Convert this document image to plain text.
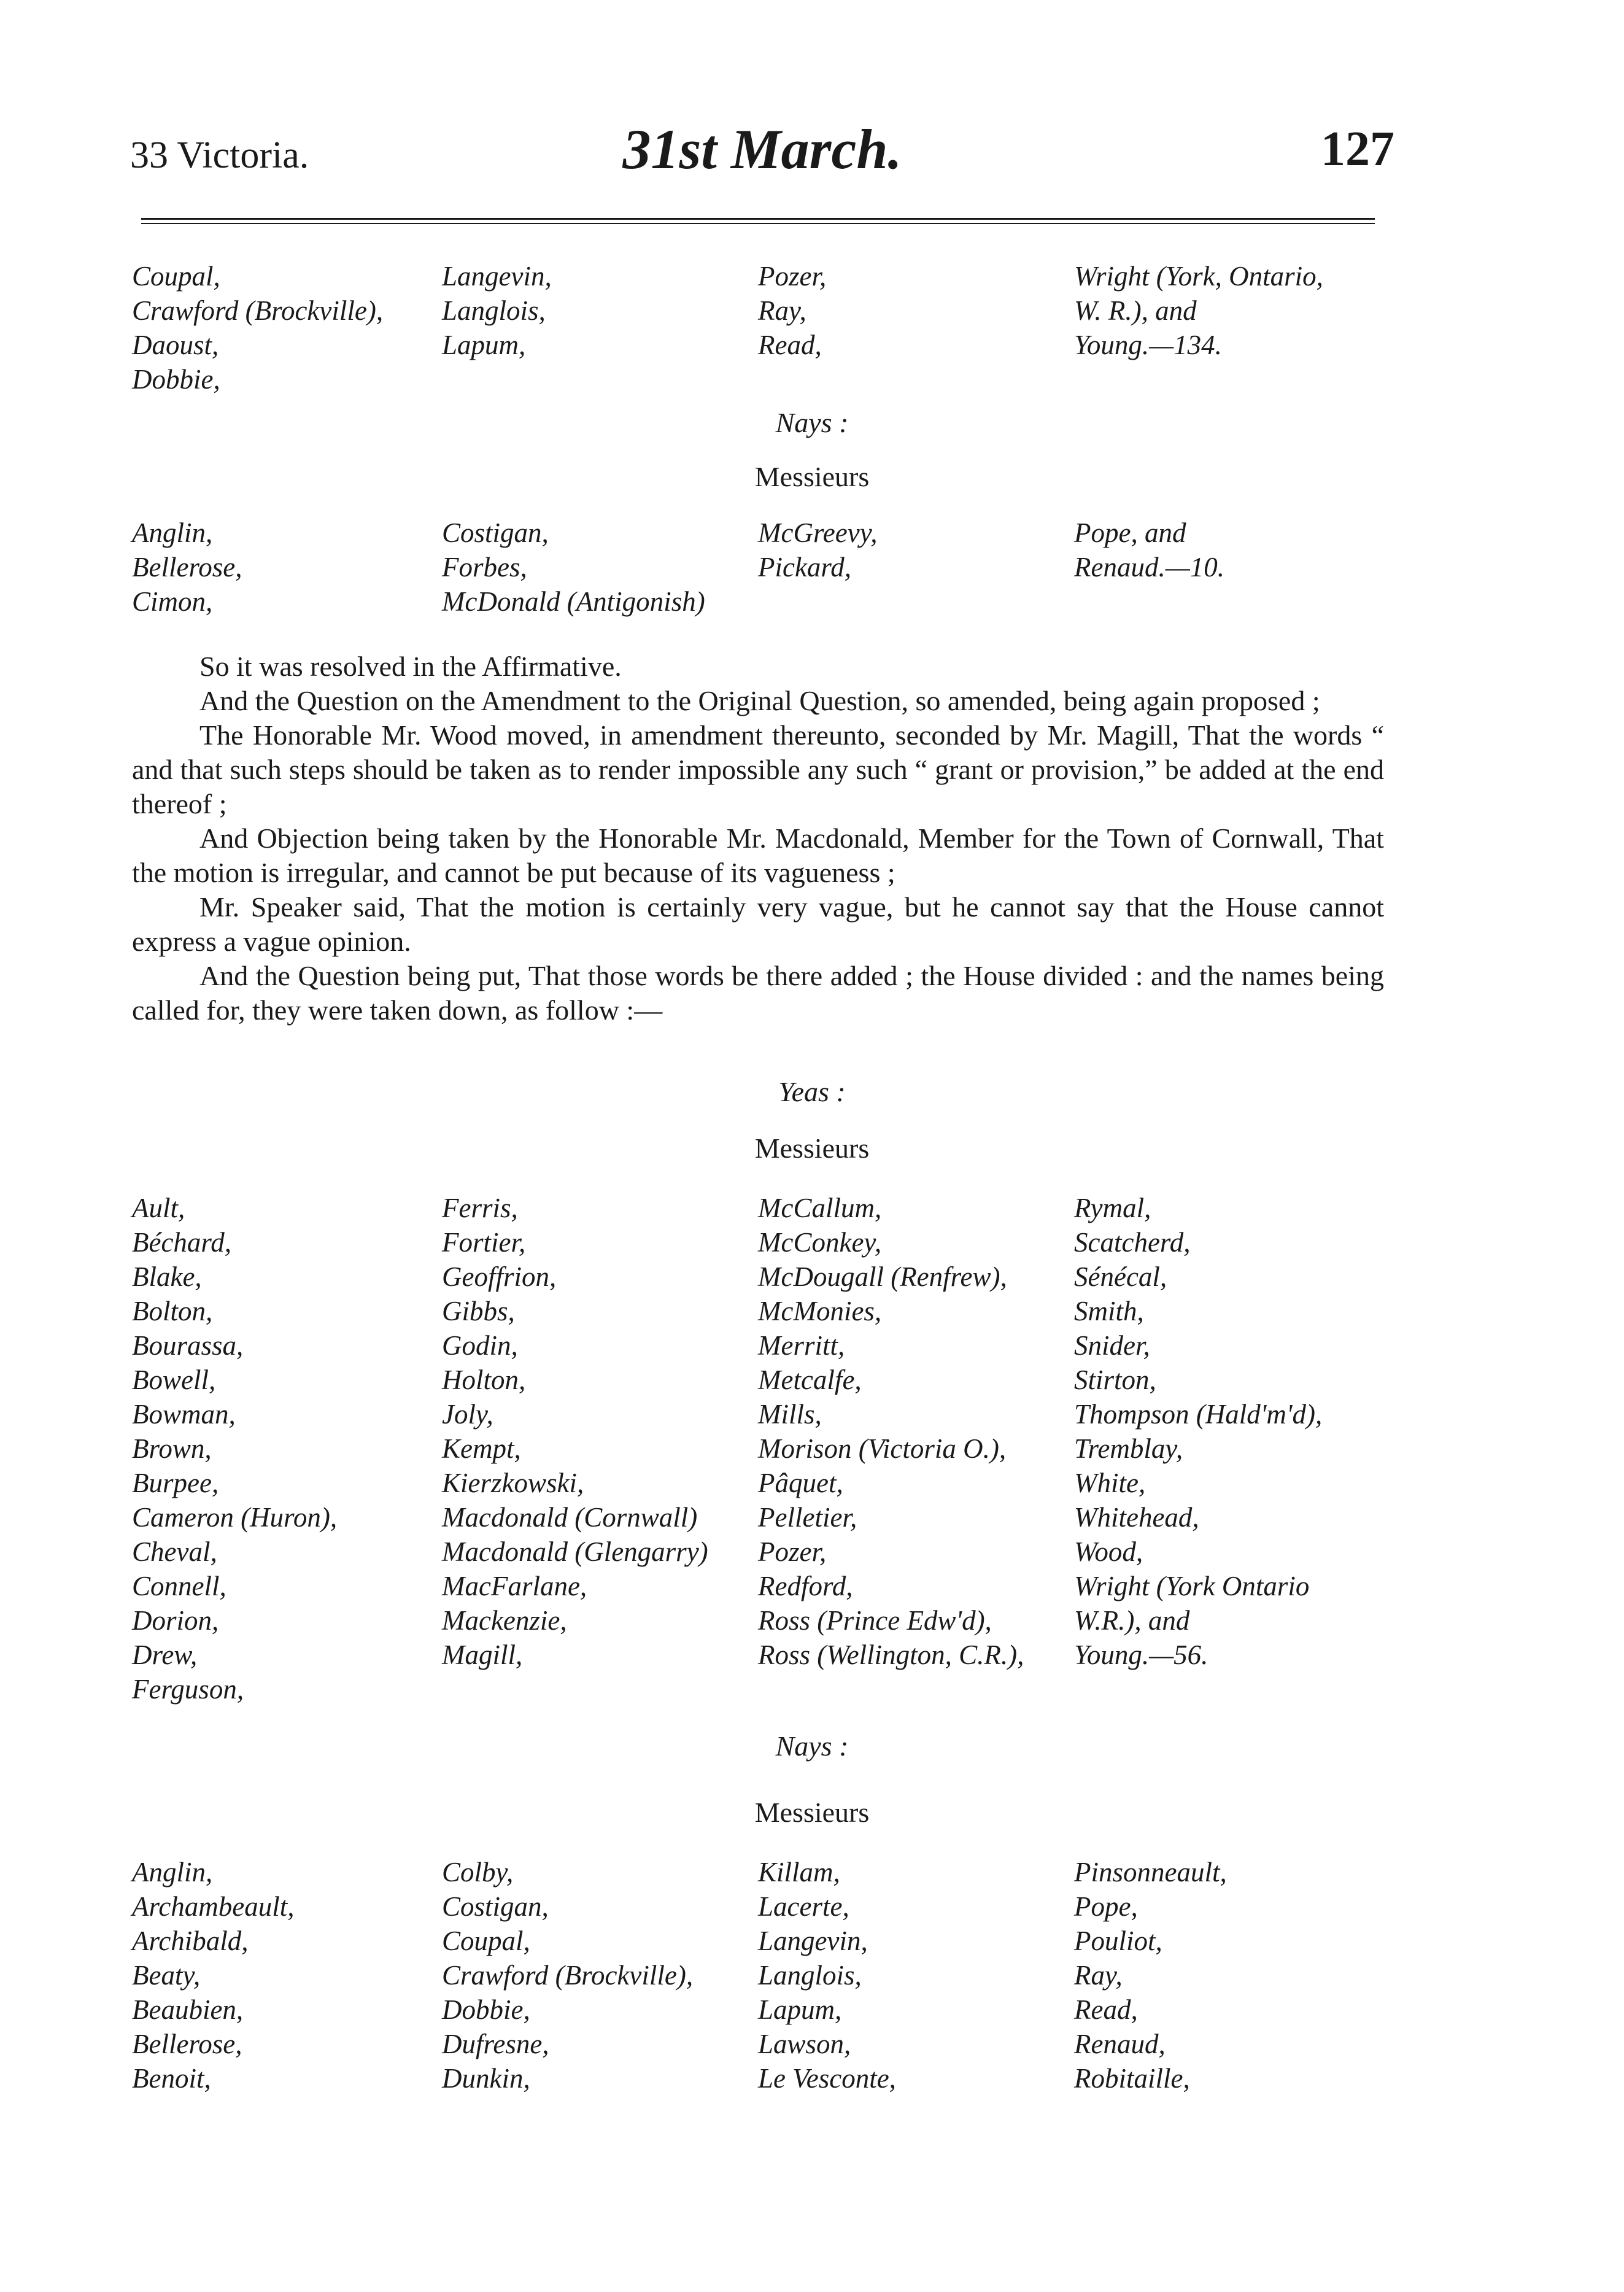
33 Victoria.	31st March.	127
Coupal,	Langevin,	Pozer,	Wright (York, Ontario,
Crawford (Brockville),	Langlois,	Ray,	W. R.), and
Daoust,	Lapum,	Read,	Young.—134.
Dobbie,
Nays :
Messieurs
Anglin,	Costigan,	McGreevy,	Pope, and
Bellerose,	Forbes,	Pickard,	Renaud.—10.
Cimon,	McDonald (Antigonish)

So it was resolved in the Affirmative.

And the Question on the Amendment to the Original Question, so amended, being again proposed ;

The Honorable Mr. Wood moved, in amendment thereunto, seconded by Mr. Magill, That the words “ and that such steps should be taken as to render impossible any such “ grant or provision,” be added at the end thereof ;

And Objection being taken by the Honorable Mr. Macdonald, Member for the Town of Cornwall, That the motion is irregular, and cannot be put because of its vagueness ;

Mr. Speaker said, That the motion is certainly very vague, but he cannot say that the House cannot express a vague opinion.

And the Question being put, That those words be there added ; the House divided : and the names being called for, they were taken down, as follow :—

Yeas :
Messieurs
Ault,	Ferris,	McCallum,	Rymal,
Béchard,	Fortier,	McConkey,	Scatcherd,
Blake,	Geoffrion,	McDougall (Renfrew),	Sénécal,
Bolton,	Gibbs,	McMonies,	Smith,
Bourassa,	Godin,	Merritt,	Snider,
Bowell,	Holton,	Metcalfe,	Stirton,
Bowman,	Joly,	Mills,	Thompson (Hald'm'd),
Brown,	Kempt,	Morison (Victoria O.),	Tremblay,
Burpee,	Kierzkowski,	Pâquet,	White,
Cameron (Huron),	Macdonald (Cornwall)	Pelletier,	Whitehead,
Cheval,	Macdonald (Glengarry)	Pozer,	Wood,
Connell,	MacFarlane,	Redford,	Wright (York Ontario
Dorion,	Mackenzie,	Ross (Prince Edw'd),	W.R.), and
Drew,	Magill,	Ross (Wellington, C.R.),	Young.—56.
Ferguson,
Nays :
Messieurs
Anglin,	Colby,	Killam,	Pinsonneault,
Archambeault,	Costigan,	Lacerte,	Pope,
Archibald,	Coupal,	Langevin,	Pouliot,
Beaty,	Crawford (Brockville),	Langlois,	Ray,
Beaubien,	Dobbie,	Lapum,	Read,
Bellerose,	Dufresne,	Lawson,	Renaud,
Benoit,	Dunkin,	Le Vesconte,	Robitaille,
